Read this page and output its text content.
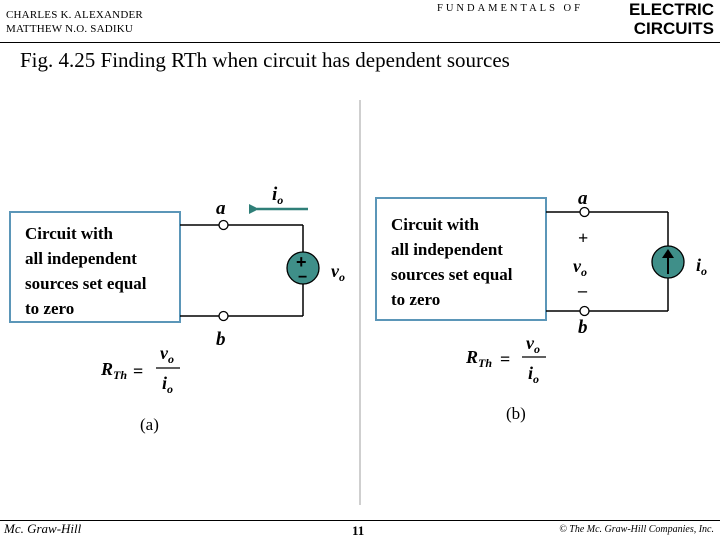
CHARLES K. ALEXANDER
MATTHEW N.O. SADIKU
FUNDAMENTALS OF	ELECTRIC
CIRCUITS
Fig. 4.25 Finding RTh when circuit has dependent sources
Circuit with
all independent
sources set equal
to zero
a
b
+
− $v_o$
$i_o$
$R_{Th}$ =
$v_o$
$i_o$
(a)
Circuit with
all independent
sources set equal
to zero
a
b
+
$v_o$
–
$i_o$
$R_{Th}$ =
$v_o$
$i_o$
(b)
Mc. Graw-Hill	11	© The Mc. Graw-Hill Companies, Inc.
